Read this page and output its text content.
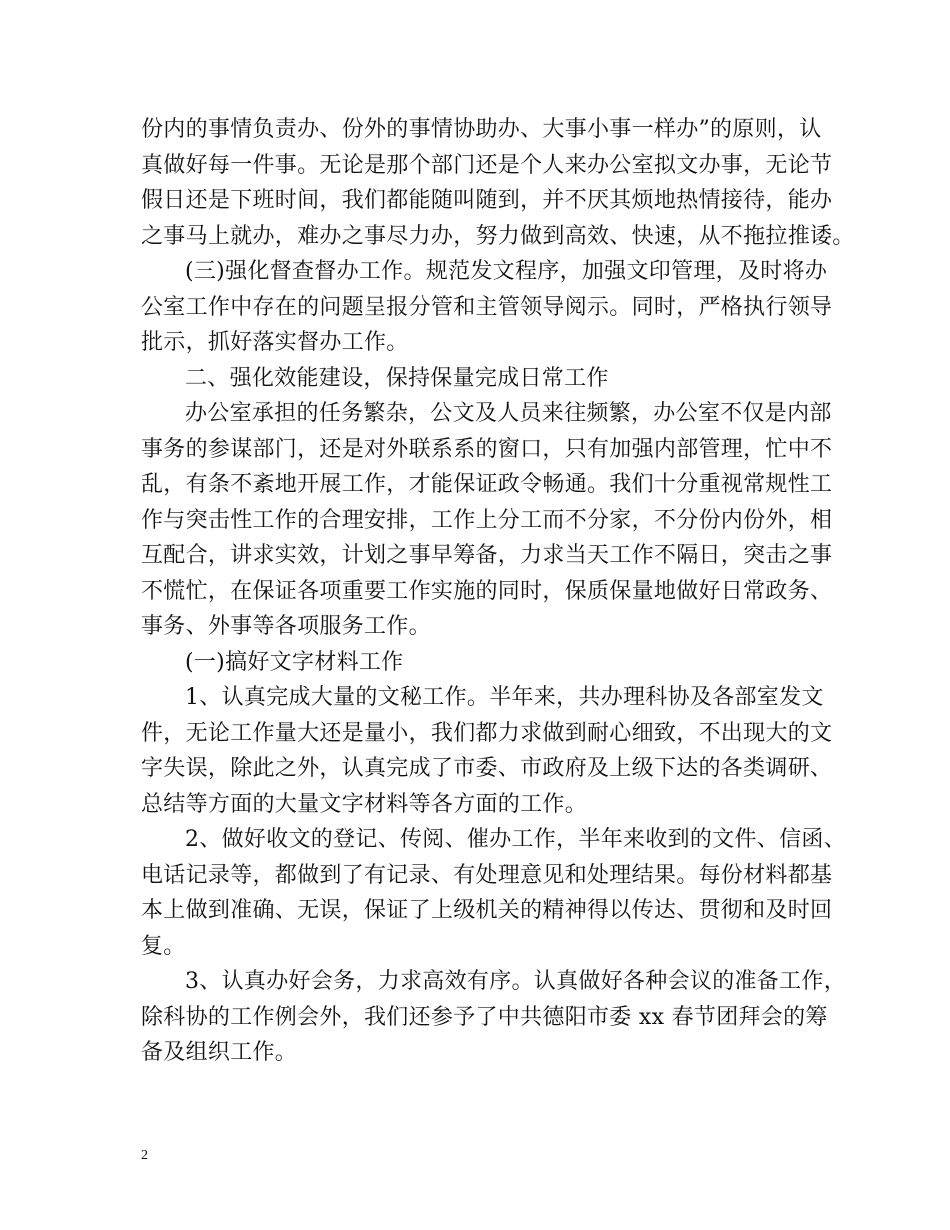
份内的事情负责办、份外的事情协助办、大事小事一样办”的原则，认
真做好每一件事。无论是那个部门还是个人来办公室拟文办事，无论节
假日还是下班时间，我们都能随叫随到，并不厌其烦地热情接待，能办
之事马上就办，难办之事尽力办，努力做到高效、快速，从不拖拉推诿。
(三)强化督查督办工作。规范发文程序，加强文印管理，及时将办
公室工作中存在的问题呈报分管和主管领导阅示。同时，严格执行领导
批示，抓好落实督办工作。
二、强化效能建设，保持保量完成日常工作
办公室承担的任务繁杂，公文及人员来往频繁，办公室不仅是内部
事务的参谋部门，还是对外联系系的窗口，只有加强内部管理，忙中不
乱，有条不紊地开展工作，才能保证政令畅通。我们十分重视常规性工
作与突击性工作的合理安排，工作上分工而不分家，不分份内份外，相
互配合，讲求实效，计划之事早筹备，力求当天工作不隔日，突击之事
不慌忙，在保证各项重要工作实施的同时，保质保量地做好日常政务、
事务、外事等各项服务工作。
(一)搞好文字材料工作
1、认真完成大量的文秘工作。半年来，共办理科协及各部室发文
件，无论工作量大还是量小，我们都力求做到耐心细致，不出现大的文
字失误，除此之外，认真完成了市委、市政府及上级下达的各类调研、
总结等方面的大量文字材料等各方面的工作。
2、做好收文的登记、传阅、催办工作，半年来收到的文件、信函、
电话记录等，都做到了有记录、有处理意见和处理结果。每份材料都基
本上做到准确、无误，保证了上级机关的精神得以传达、贯彻和及时回
复。
3、认真办好会务，力求高效有序。认真做好各种会议的准备工作，
除科协的工作例会外，我们还参予了中共德阳市委 xx 春节团拜会的筹
备及组织工作。
2
